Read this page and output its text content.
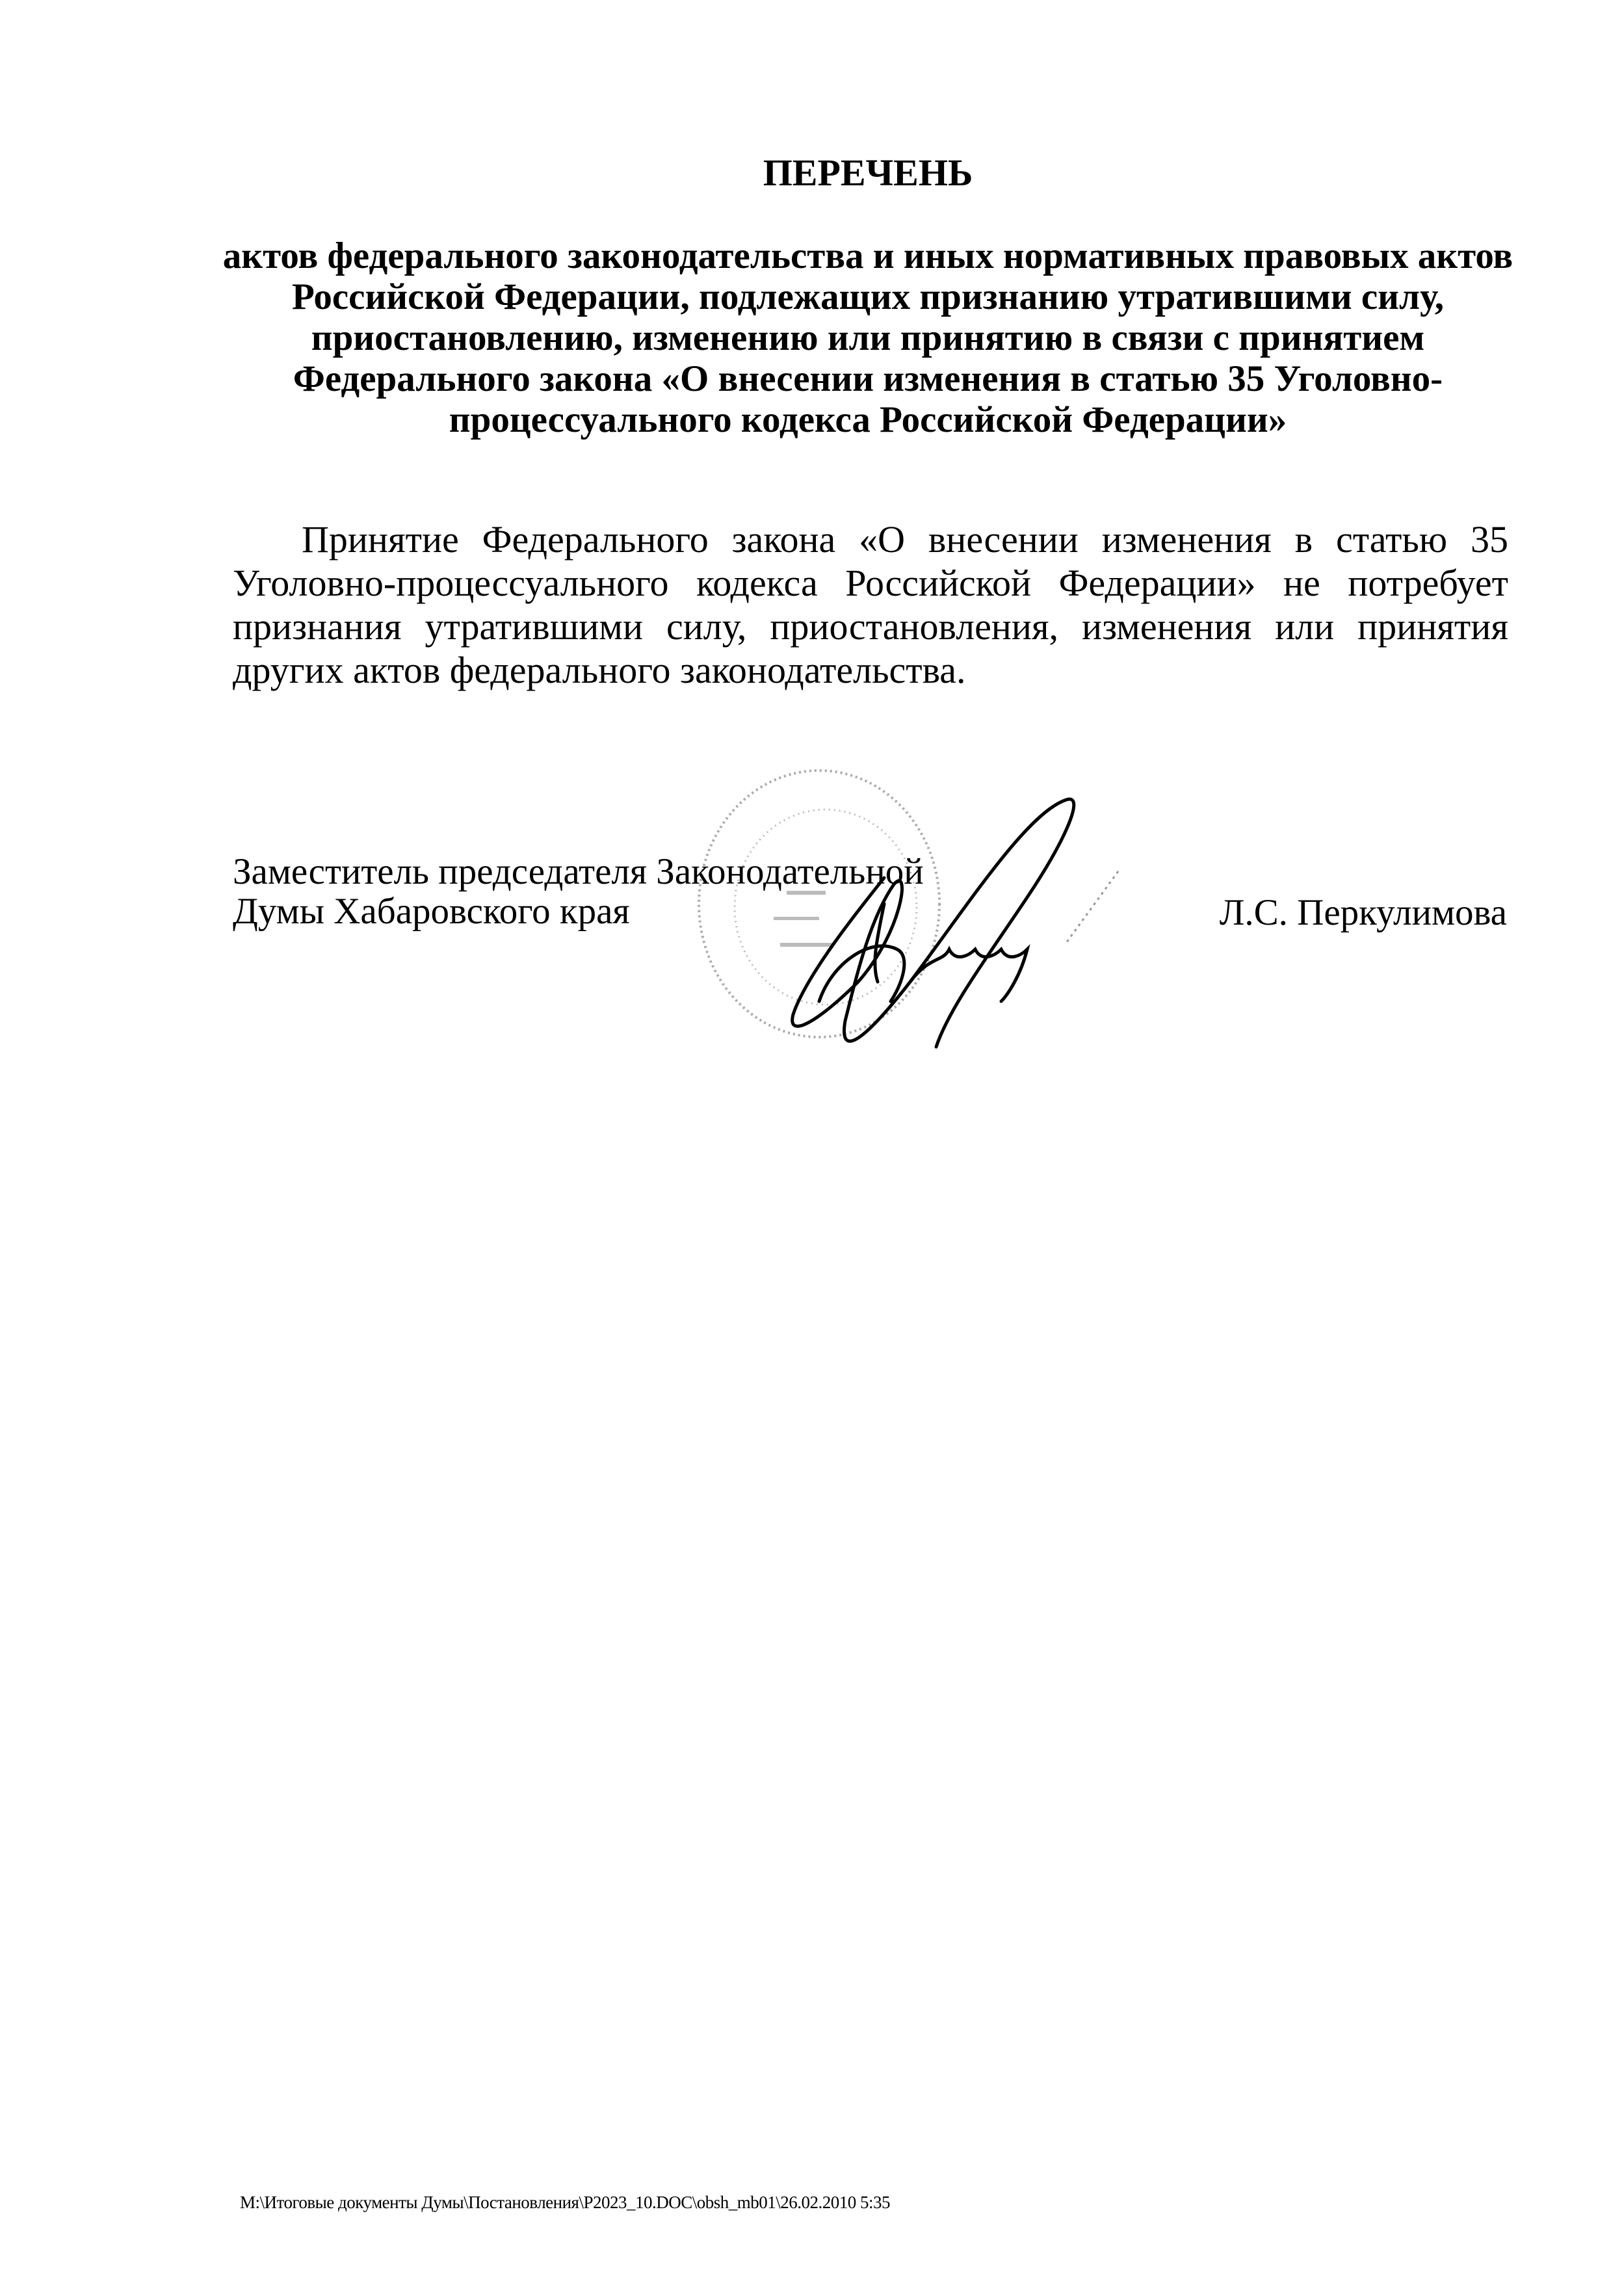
ПЕРЕЧЕНЬ
актов федерального законодательства и иных нормативных правовых актов
Российской Федерации, подлежащих признанию утратившими силу,
приостановлению, изменению или принятию в связи с принятием
Федерального закона «О внесении изменения в статью 35 Уголовно-
процессуального кодекса Российской Федерации»
Принятие Федерального закона «О внесении изменения в статью 35 Уголовно-процессуального кодекса Российской Федерации» не потребует признания утратившими силу, приостановления, изменения или принятия других актов федерального законодательства.
Заместитель председателя Законодательной
Думы Хабаровского края	Л.С. Перкулимова
M:\Итоговые документы Думы\Постановления\P2023_10.DOC\obsh_mb01\26.02.2010 5:35
